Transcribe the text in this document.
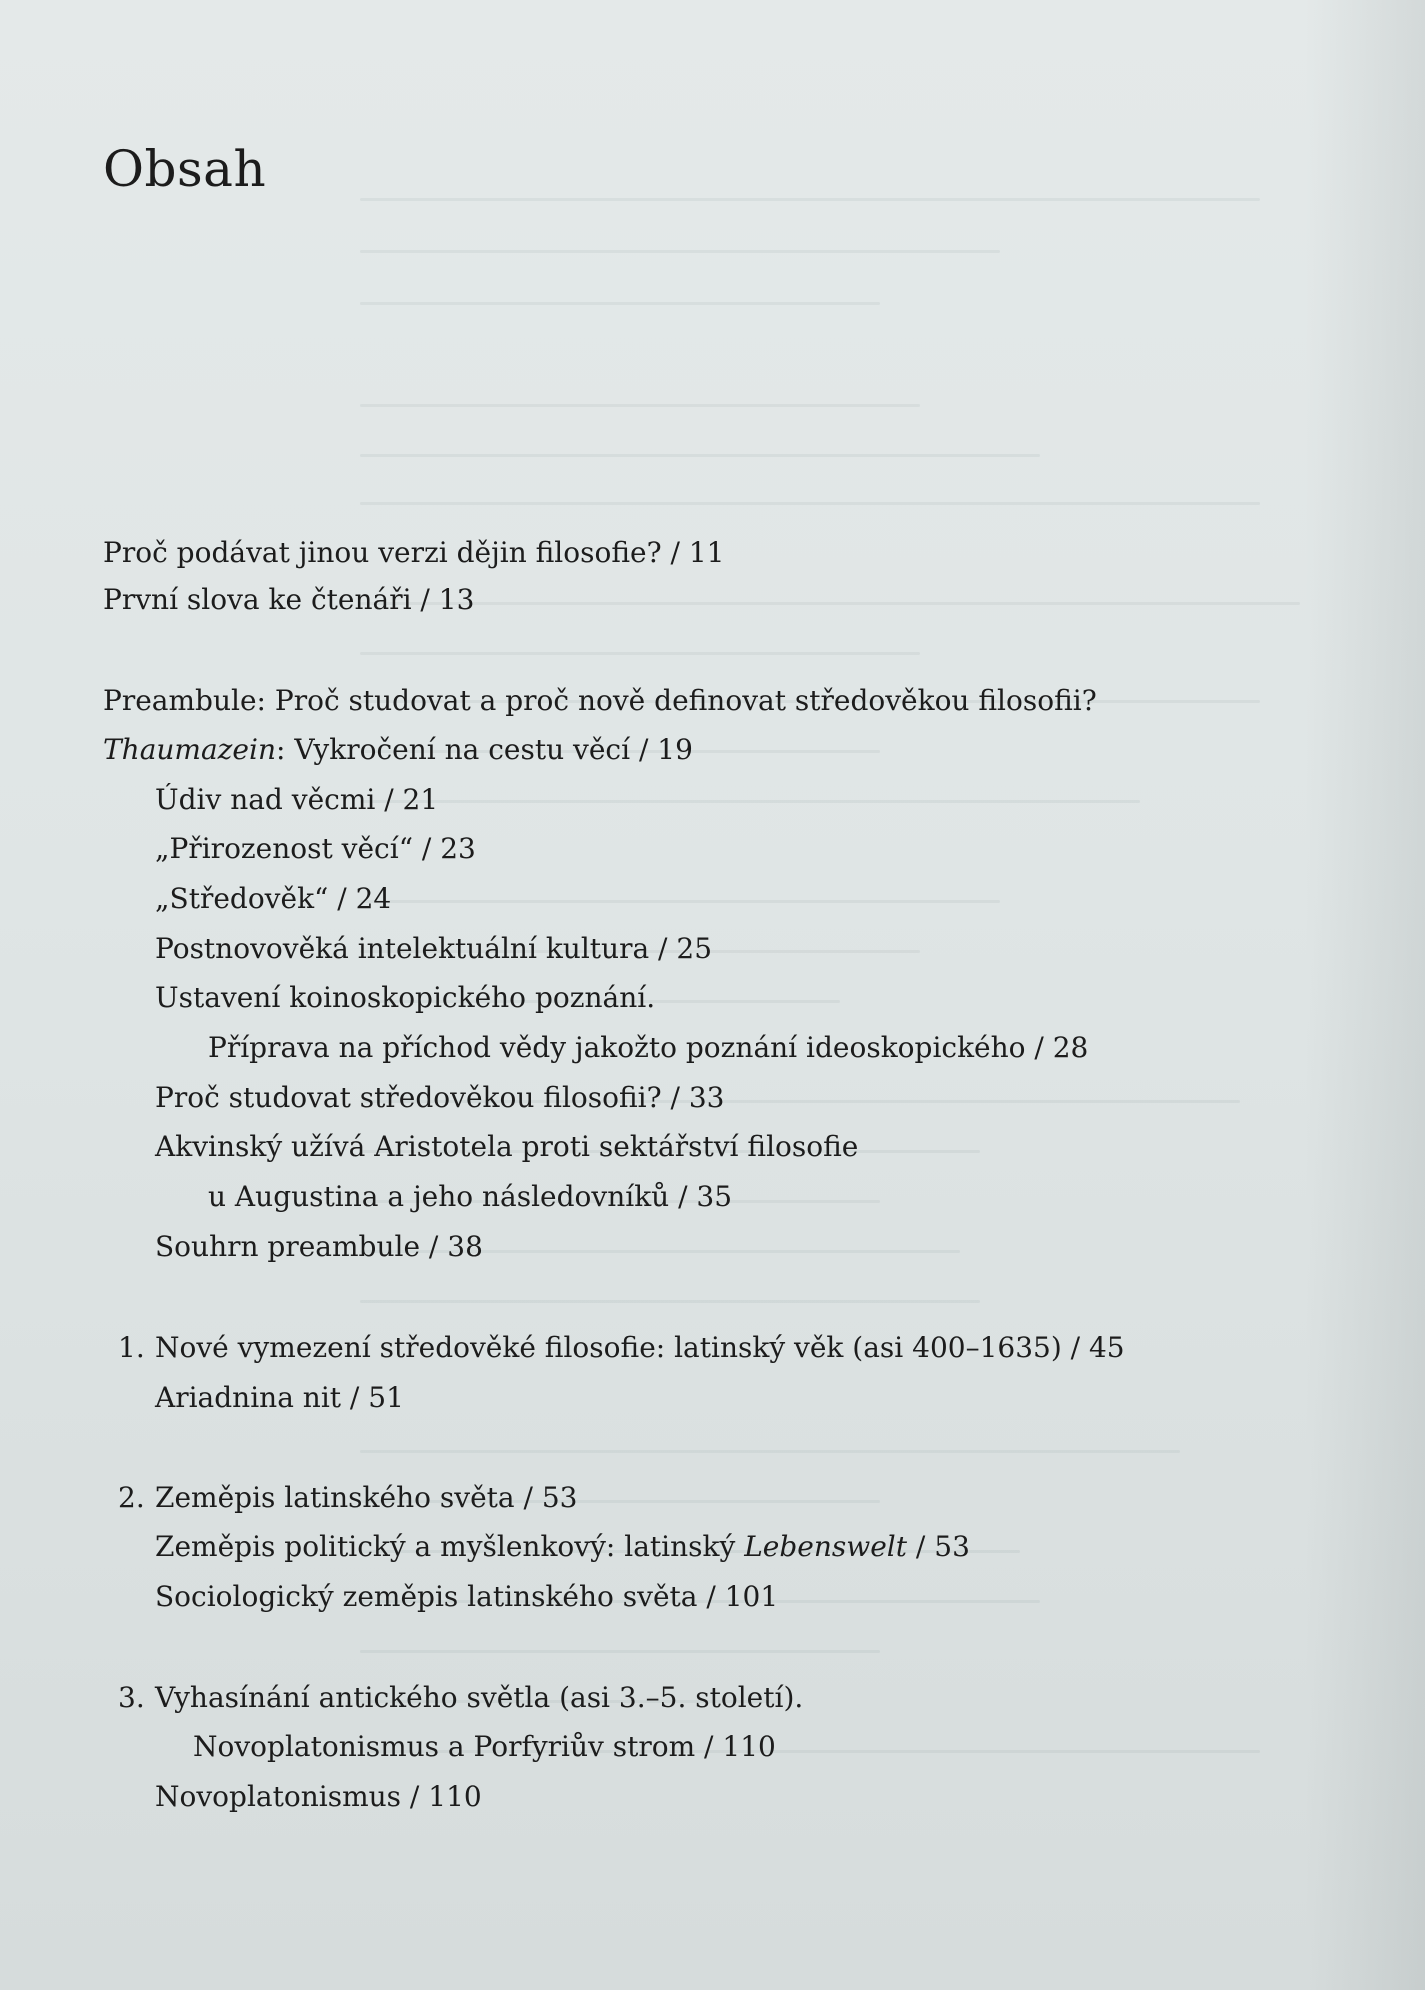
Obsah
Proč podávat jinou verzi dějin filosofie? / 11
První slova ke čtenáři / 13
Preambule: Proč studovat a proč nově definovat středověkou filosofii?
Thaumazein: Vykročení na cestu věcí / 19
Údiv nad věcmi / 21
„Přirozenost věcí“ / 23
„Středověk“ / 24
Postnovověká intelektuální kultura / 25
Ustavení koinoskopického poznání.
Příprava na příchod vědy jakožto poznání ideoskopického / 28
Proč studovat středověkou filosofii? / 33
Akvinský užívá Aristotela proti sektářství filosofie
u Augustina a jeho následovníků / 35
Souhrn preambule / 38
1. Nové vymezení středověké filosofie: latinský věk (asi 400–1635) / 45
Ariadnina nit / 51
2. Zeměpis latinského světa / 53
Zeměpis politický a myšlenkový: latinský Lebenswelt / 53
Sociologický zeměpis latinského světa / 101
3. Vyhasínání antického světla (asi 3.–5. století).
Novoplatonismus a Porfyriův strom / 110
Novoplatonismus / 110
